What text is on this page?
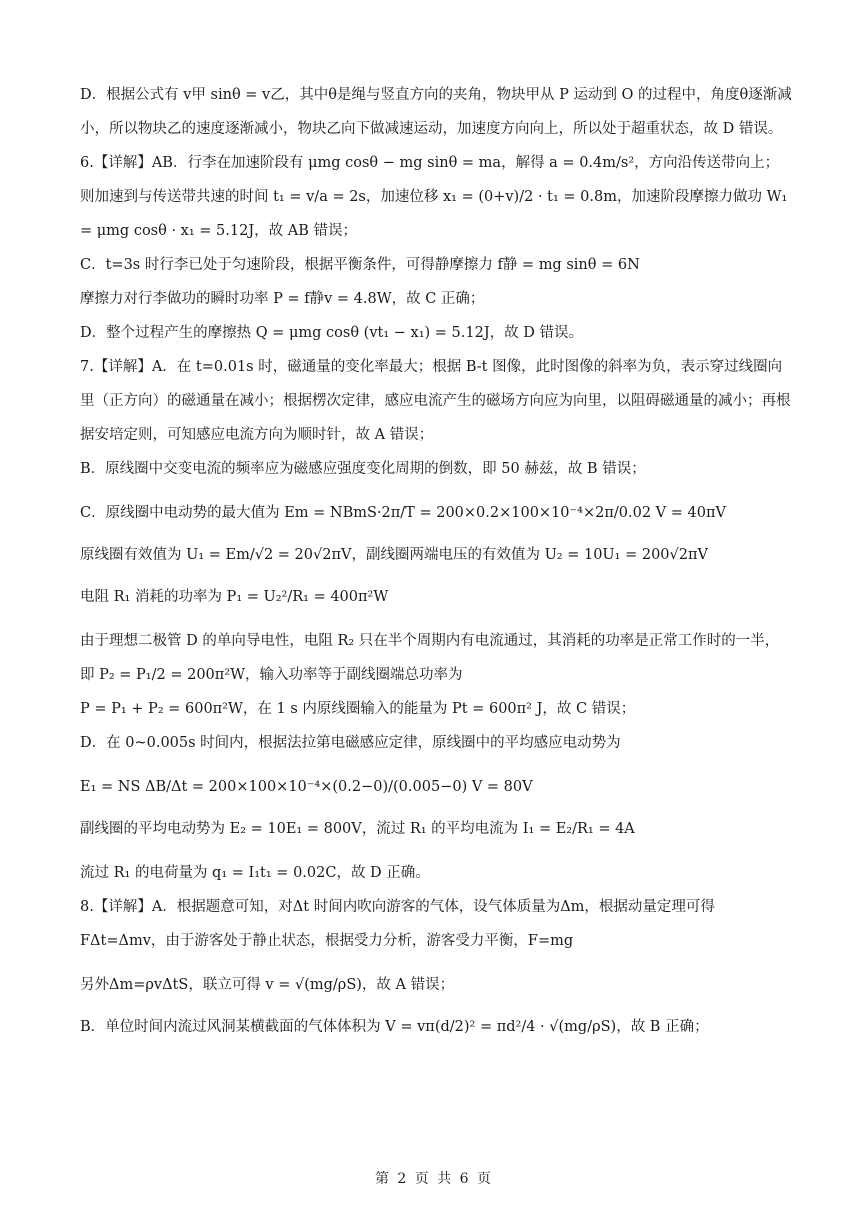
D．根据公式有 v甲 sinθ = v乙，其中θ是绳与竖直方向的夹角，物块甲从 P 运动到 O 的过程中，角度θ逐渐减小，所以物块乙的速度逐渐减小，物块乙向下做减速运动，加速度方向向上，所以处于超重状态，故 D 错误。

6.【详解】AB．行李在加速阶段有 μmg cosθ − mg sinθ = ma，解得 a = 0.4m/s²，方向沿传送带向上；则加速到与传送带共速的时间 t₁ = v/a = 2s，加速位移 x₁ = (0+v)/2 · t₁ = 0.8m，加速阶段摩擦力做功 W₁ = μmg cosθ · x₁ = 5.12J，故 AB 错误；

C．t=3s 时行李已处于匀速阶段，根据平衡条件，可得静摩擦力 f静 = mg sinθ = 6N

摩擦力对行李做功的瞬时功率 P = f静v = 4.8W，故 C 正确；

D．整个过程产生的摩擦热 Q = μmg cosθ (vt₁ − x₁) = 5.12J，故 D 错误。

7.【详解】A．在 t=0.01s 时，磁通量的变化率最大；根据 B-t 图像，此时图像的斜率为负，表示穿过线圈向里（正方向）的磁通量在减小；根据楞次定律，感应电流产生的磁场方向应为向里，以阻碍磁通量的减小；再根据安培定则，可知感应电流方向为顺时针，故 A 错误；

B．原线圈中交变电流的频率应为磁感应强度变化周期的倒数，即 50 赫兹，故 B 错误；

C．原线圈中电动势的最大值为 Em = NBmS·2π/T = 200×0.2×100×10⁻⁴×2π/0.02 V = 40πV

原线圈有效值为 U₁ = Em/√2 = 20√2πV，副线圈两端电压的有效值为 U₂ = 10U₁ = 200√2πV

电阻 R₁ 消耗的功率为 P₁ = U₂²/R₁ = 400π²W

由于理想二极管 D 的单向导电性，电阻 R₂ 只在半个周期内有电流通过，其消耗的功率是正常工作时的一半，即 P₂ = P₁/2 = 200π²W，输入功率等于副线圈端总功率为

P = P₁ + P₂ = 600π²W，在 1 s 内原线圈输入的能量为 Pt = 600π² J，故 C 错误；

D．在 0~0.005s 时间内，根据法拉第电磁感应定律，原线圈中的平均感应电动势为

E₁ = NS ΔB/Δt = 200×100×10⁻⁴×(0.2−0)/(0.005−0) V = 80V

副线圈的平均电动势为 E₂ = 10E₁ = 800V，流过 R₁ 的平均电流为 I₁ = E₂/R₁ = 4A

流过 R₁ 的电荷量为 q₁ = I₁t₁ = 0.02C，故 D 正确。

8.【详解】A．根据题意可知，对Δt 时间内吹向游客的气体，设气体质量为Δm，根据动量定理可得 FΔt=Δmv，由于游客处于静止状态，根据受力分析，游客受力平衡，F=mg

另外Δm=ρvΔtS，联立可得 v = √(mg/ρS)，故 A 错误；

B．单位时间内流过风洞某横截面的气体体积为 V = vπ(d/2)² = πd²/4 · √(mg/ρS)，故 B 正确；

第 2 页 共 6 页
